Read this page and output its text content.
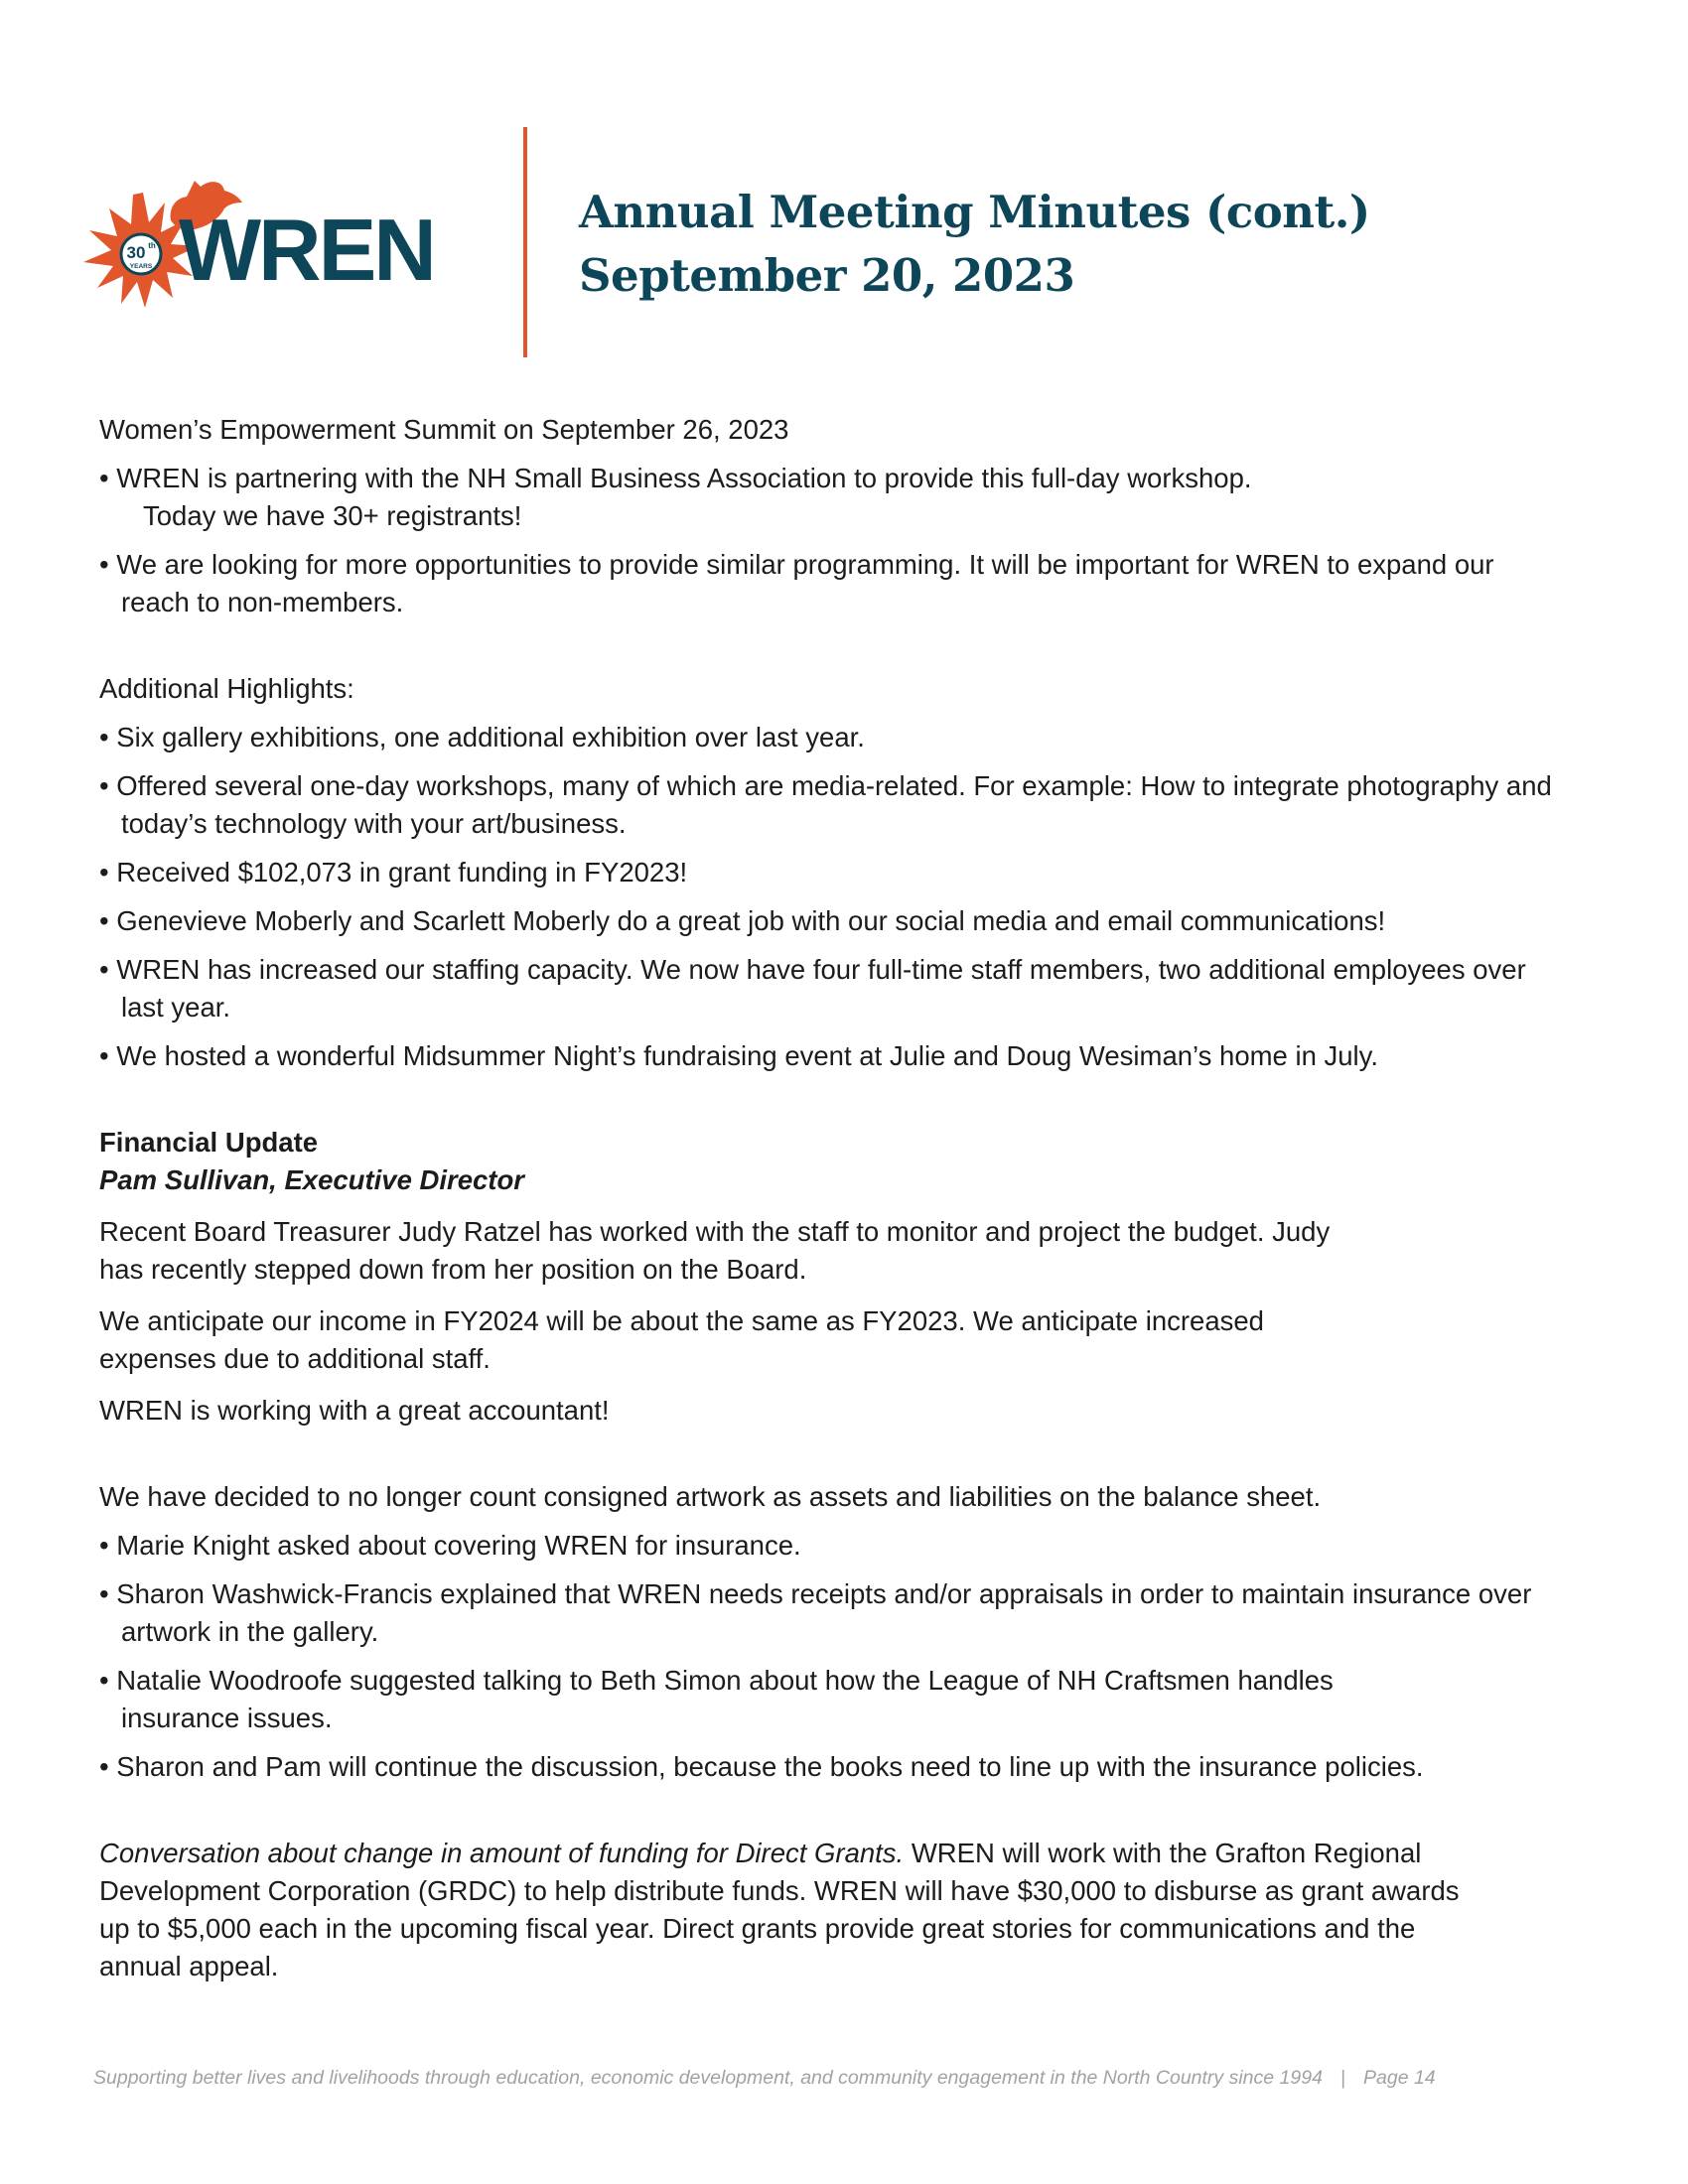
30 th
YEARS WREN	Annual Meeting Minutes (cont.)
September 20, 2023

Women’s Empowerment Summit on September 26, 2023

• WREN is partnering with the NH Small Business Association to provide this full-day workshop.
Today we have 30+ registrants!
• We are looking for more opportunities to provide similar programming. It will be important for WREN to expand our reach to non-members.

Additional Highlights:

• Six gallery exhibitions, one additional exhibition over last year.
• Offered several one-day workshops, many of which are media-related. For example: How to integrate photography and today’s technology with your art/business.
• Received $102,073 in grant funding in FY2023!
• Genevieve Moberly and Scarlett Moberly do a great job with our social media and email communications!
• WREN has increased our staffing capacity. We now have four full-time staff members, two additional employees over last year.
• We hosted a wonderful Midsummer Night’s fundraising event at Julie and Doug Wesiman’s home in July.

Financial Update

Pam Sullivan, Executive Director

Recent Board Treasurer Judy Ratzel has worked with the staff to monitor and project the budget. Judy has recently stepped down from her position on the Board.

We anticipate our income in FY2024 will be about the same as FY2023. We anticipate increased expenses due to additional staff.

WREN is working with a great accountant!

We have decided to no longer count consigned artwork as assets and liabilities on the balance sheet.

• Marie Knight asked about covering WREN for insurance.
• Sharon Washwick-Francis explained that WREN needs receipts and/or appraisals in order to maintain insurance over artwork in the gallery.
• Natalie Woodroofe suggested talking to Beth Simon about how the League of NH Craftsmen handles insurance issues.
• Sharon and Pam will continue the discussion, because the books need to line up with the insurance policies.

Conversation about change in amount of funding for Direct Grants. WREN will work with the Grafton Regional Development Corporation (GRDC) to help distribute funds. WREN will have $30,000 to disburse as grant awards up to $5,000 each in the upcoming fiscal year. Direct grants provide great stories for communications and the annual appeal.

Supporting better lives and livelihoods through education, economic development, and community engagement in the North Country since 1994 | Page 14
